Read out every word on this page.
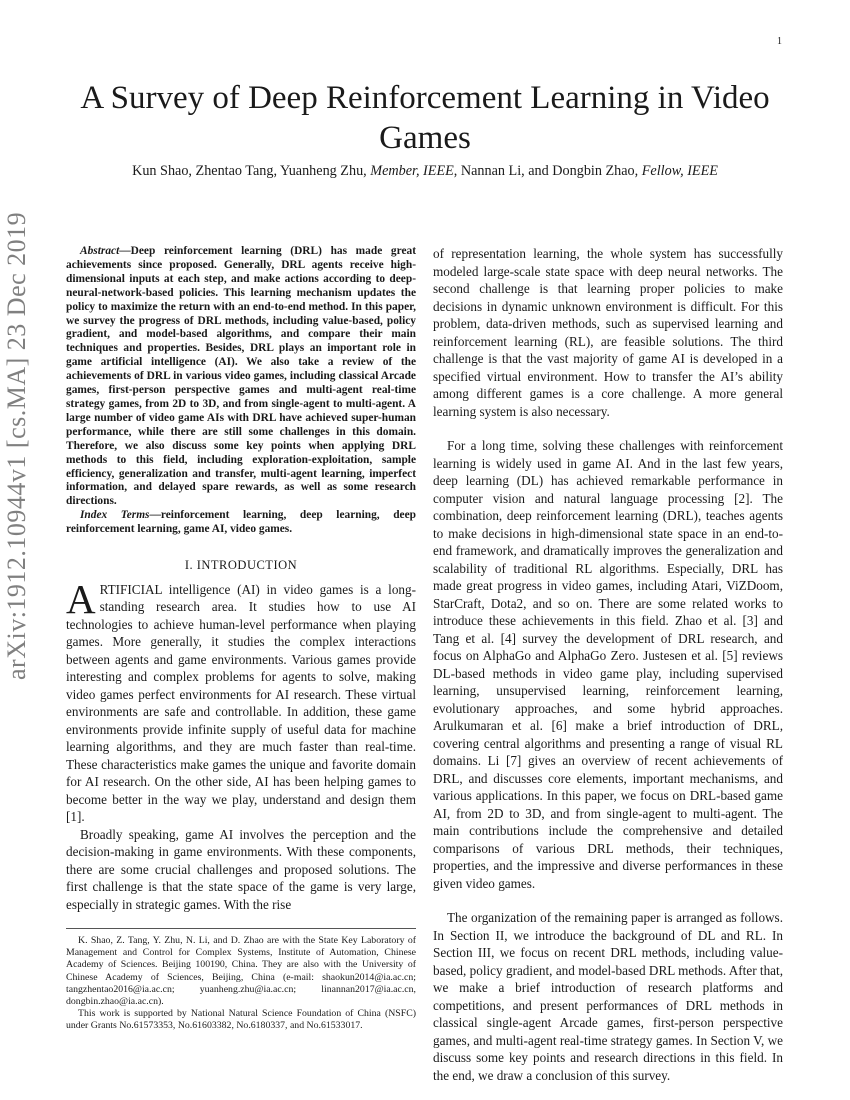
1
arXiv:1912.10944v1 [cs.MA] 23 Dec 2019
A Survey of Deep Reinforcement Learning in Video Games

Kun Shao, Zhentao Tang, Yuanheng Zhu, Member, IEEE, Nannan Li, and Dongbin Zhao, Fellow, IEEE

Abstract—Deep reinforcement learning (DRL) has made great achievements since proposed. Generally, DRL agents receive high-dimensional inputs at each step, and make actions according to deep-neural-network-based policies. This learning mechanism updates the policy to maximize the return with an end-to-end method. In this paper, we survey the progress of DRL methods, including value-based, policy gradient, and model-based algorithms, and compare their main techniques and properties. Besides, DRL plays an important role in game artificial intelligence (AI). We also take a review of the achievements of DRL in various video games, including classical Arcade games, first-person perspective games and multi-agent real-time strategy games, from 2D to 3D, and from single-agent to multi-agent. A large number of video game AIs with DRL have achieved super-human performance, while there are still some challenges in this domain. Therefore, we also discuss some key points when applying DRL methods to this field, including exploration-exploitation, sample efficiency, generalization and transfer, multi-agent learning, imperfect information, and delayed spare rewards, as well as some research directions.

Index Terms—reinforcement learning, deep learning, deep reinforcement learning, game AI, video games.

I. INTRODUCTION

ARTIFICIAL intelligence (AI) in video games is a long-standing research area. It studies how to use AI technologies to achieve human-level performance when playing games. More generally, it studies the complex interactions between agents and game environments. Various games provide interesting and complex problems for agents to solve, making video games perfect environments for AI research. These virtual environments are safe and controllable. In addition, these game environments provide infinite supply of useful data for machine learning algorithms, and they are much faster than real-time. These characteristics make games the unique and favorite domain for AI research. On the other side, AI has been helping games to become better in the way we play, understand and design them [1].

Broadly speaking, game AI involves the perception and the decision-making in game environments. With these components, there are some crucial challenges and proposed solutions. The first challenge is that the state space of the game is very large, especially in strategic games. With the rise

of representation learning, the whole system has successfully modeled large-scale state space with deep neural networks. The second challenge is that learning proper policies to make decisions in dynamic unknown environment is difficult. For this problem, data-driven methods, such as supervised learning and reinforcement learning (RL), are feasible solutions. The third challenge is that the vast majority of game AI is developed in a specified virtual environment. How to transfer the AI’s ability among different games is a core challenge. A more general learning system is also necessary.

For a long time, solving these challenges with reinforcement learning is widely used in game AI. And in the last few years, deep learning (DL) has achieved remarkable performance in computer vision and natural language processing [2]. The combination, deep reinforcement learning (DRL), teaches agents to make decisions in high-dimensional state space in an end-to-end framework, and dramatically improves the generalization and scalability of traditional RL algorithms. Especially, DRL has made great progress in video games, including Atari, ViZDoom, StarCraft, Dota2, and so on. There are some related works to introduce these achievements in this field. Zhao et al. [3] and Tang et al. [4] survey the development of DRL research, and focus on AlphaGo and AlphaGo Zero. Justesen et al. [5] reviews DL-based methods in video game play, including supervised learning, unsupervised learning, reinforcement learning, evolutionary approaches, and some hybrid approaches. Arulkumaran et al. [6] make a brief introduction of DRL, covering central algorithms and presenting a range of visual RL domains. Li [7] gives an overview of recent achievements of DRL, and discusses core elements, important mechanisms, and various applications. In this paper, we focus on DRL-based game AI, from 2D to 3D, and from single-agent to multi-agent. The main contributions include the comprehensive and detailed comparisons of various DRL methods, their techniques, properties, and the impressive and diverse performances in these given video games.

The organization of the remaining paper is arranged as follows. In Section II, we introduce the background of DL and RL. In Section III, we focus on recent DRL methods, including value-based, policy gradient, and model-based DRL methods. After that, we make a brief introduction of research platforms and competitions, and present performances of DRL methods in classical single-agent Arcade games, first-person perspective games, and multi-agent real-time strategy games. In Section V, we discuss some key points and research directions in this field. In the end, we draw a conclusion of this survey.

K. Shao, Z. Tang, Y. Zhu, N. Li, and D. Zhao are with the State Key Laboratory of Management and Control for Complex Systems, Institute of Automation, Chinese Academy of Sciences. Beijing 100190, China. They are also with the University of Chinese Academy of Sciences, Beijing, China (e-mail: shaokun2014@ia.ac.cn; tangzhentao2016@ia.ac.cn; yuanheng.zhu@ia.ac.cn; linannan2017@ia.ac.cn, dongbin.zhao@ia.ac.cn).

This work is supported by National Natural Science Foundation of China (NSFC) under Grants No.61573353, No.61603382, No.6180337, and No.61533017.
